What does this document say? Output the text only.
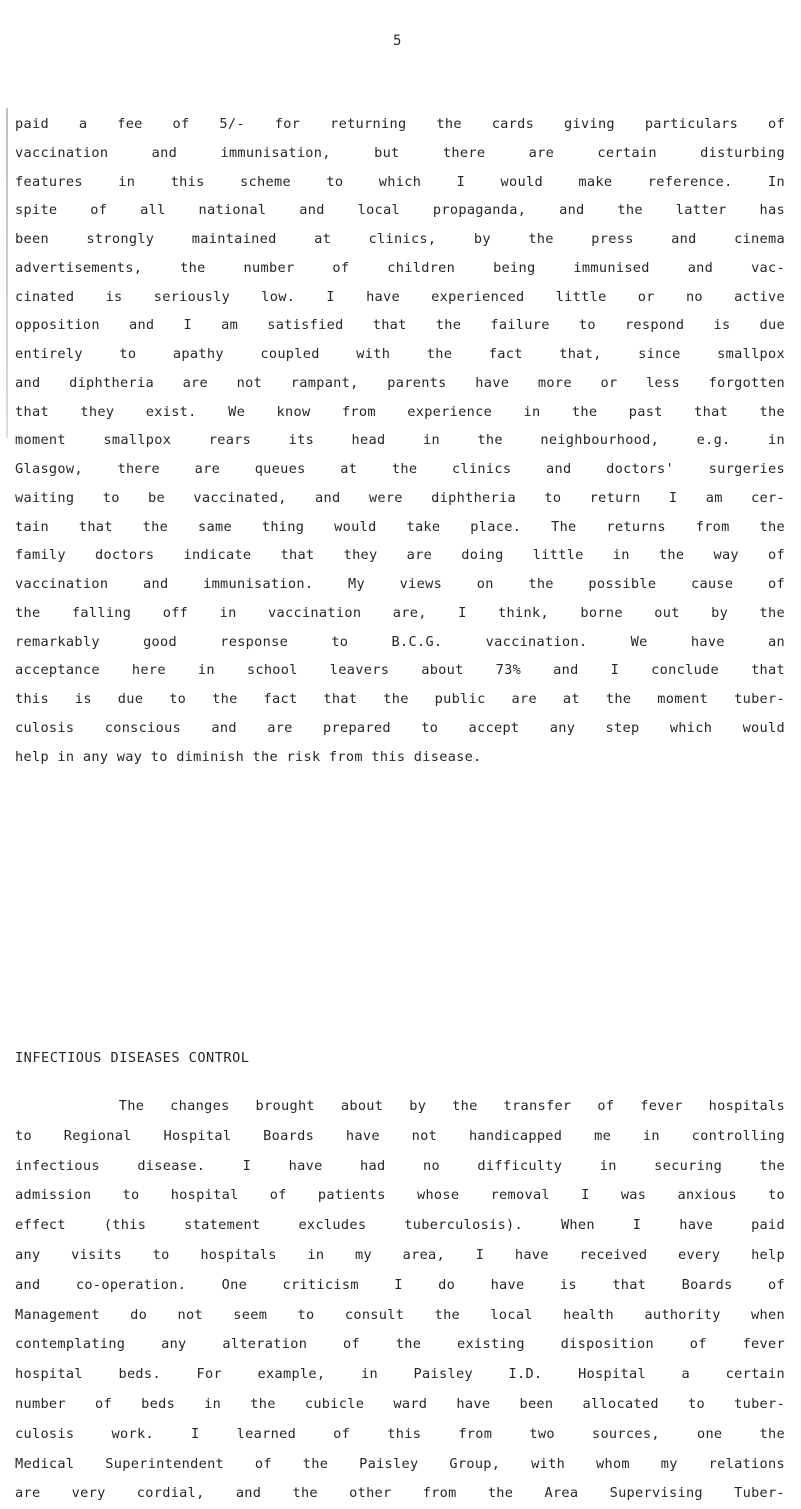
5
paid a fee of 5/- for returning the cards giving particulars of
vaccination and immunisation, but there are certain disturbing
features in this scheme to which I would make reference. In
spite of all national and local propaganda, and the latter has
been strongly maintained at clinics, by the press and cinema
advertisements, the number of children being immunised and vac-
cinated is seriously low. I have experienced little or no active
opposition and I am satisfied that the failure to respond is due
entirely to apathy coupled with the fact that, since smallpox
and diphtheria are not rampant, parents have more or less forgotten
that they exist. We know from experience in the past that the
moment smallpox rears its head in the neighbourhood, e.g. in
Glasgow, there are queues at the clinics and doctors' surgeries
waiting to be vaccinated, and were diphtheria to return I am cer-
tain that the same thing would take place. The returns from the
family doctors indicate that they are doing little in the way of
vaccination and immunisation. My views on the possible cause of
the falling off in vaccination are, I think, borne out by the
remarkably good response to B.C.G. vaccination. We have an
acceptance here in school leavers about 73% and I conclude that
this is due to the fact that the public are at the moment tuber-
culosis conscious and are prepared to accept any step which would
help in any way to diminish the risk from this disease.
INFECTIOUS DISEASES CONTROL
The changes brought about by the transfer of fever hospitals
to Regional Hospital Boards have not handicapped me in controlling
infectious disease. I have had no difficulty in securing the
admission to hospital of patients whose removal I was anxious to
effect (this statement excludes tuberculosis). When I have paid
any visits to hospitals in my area, I have received every help
and co-operation. One criticism I do have is that Boards of
Management do not seem to consult the local health authority when
contemplating any alteration of the existing disposition of fever
hospital beds. For example, in Paisley I.D. Hospital a certain
number of beds in the cubicle ward have been allocated to tuber-
culosis work. I learned of this from two sources, one the
Medical Superintendent of the Paisley Group, with whom my relations
are very cordial, and the other from the Area Supervising Tuber-
